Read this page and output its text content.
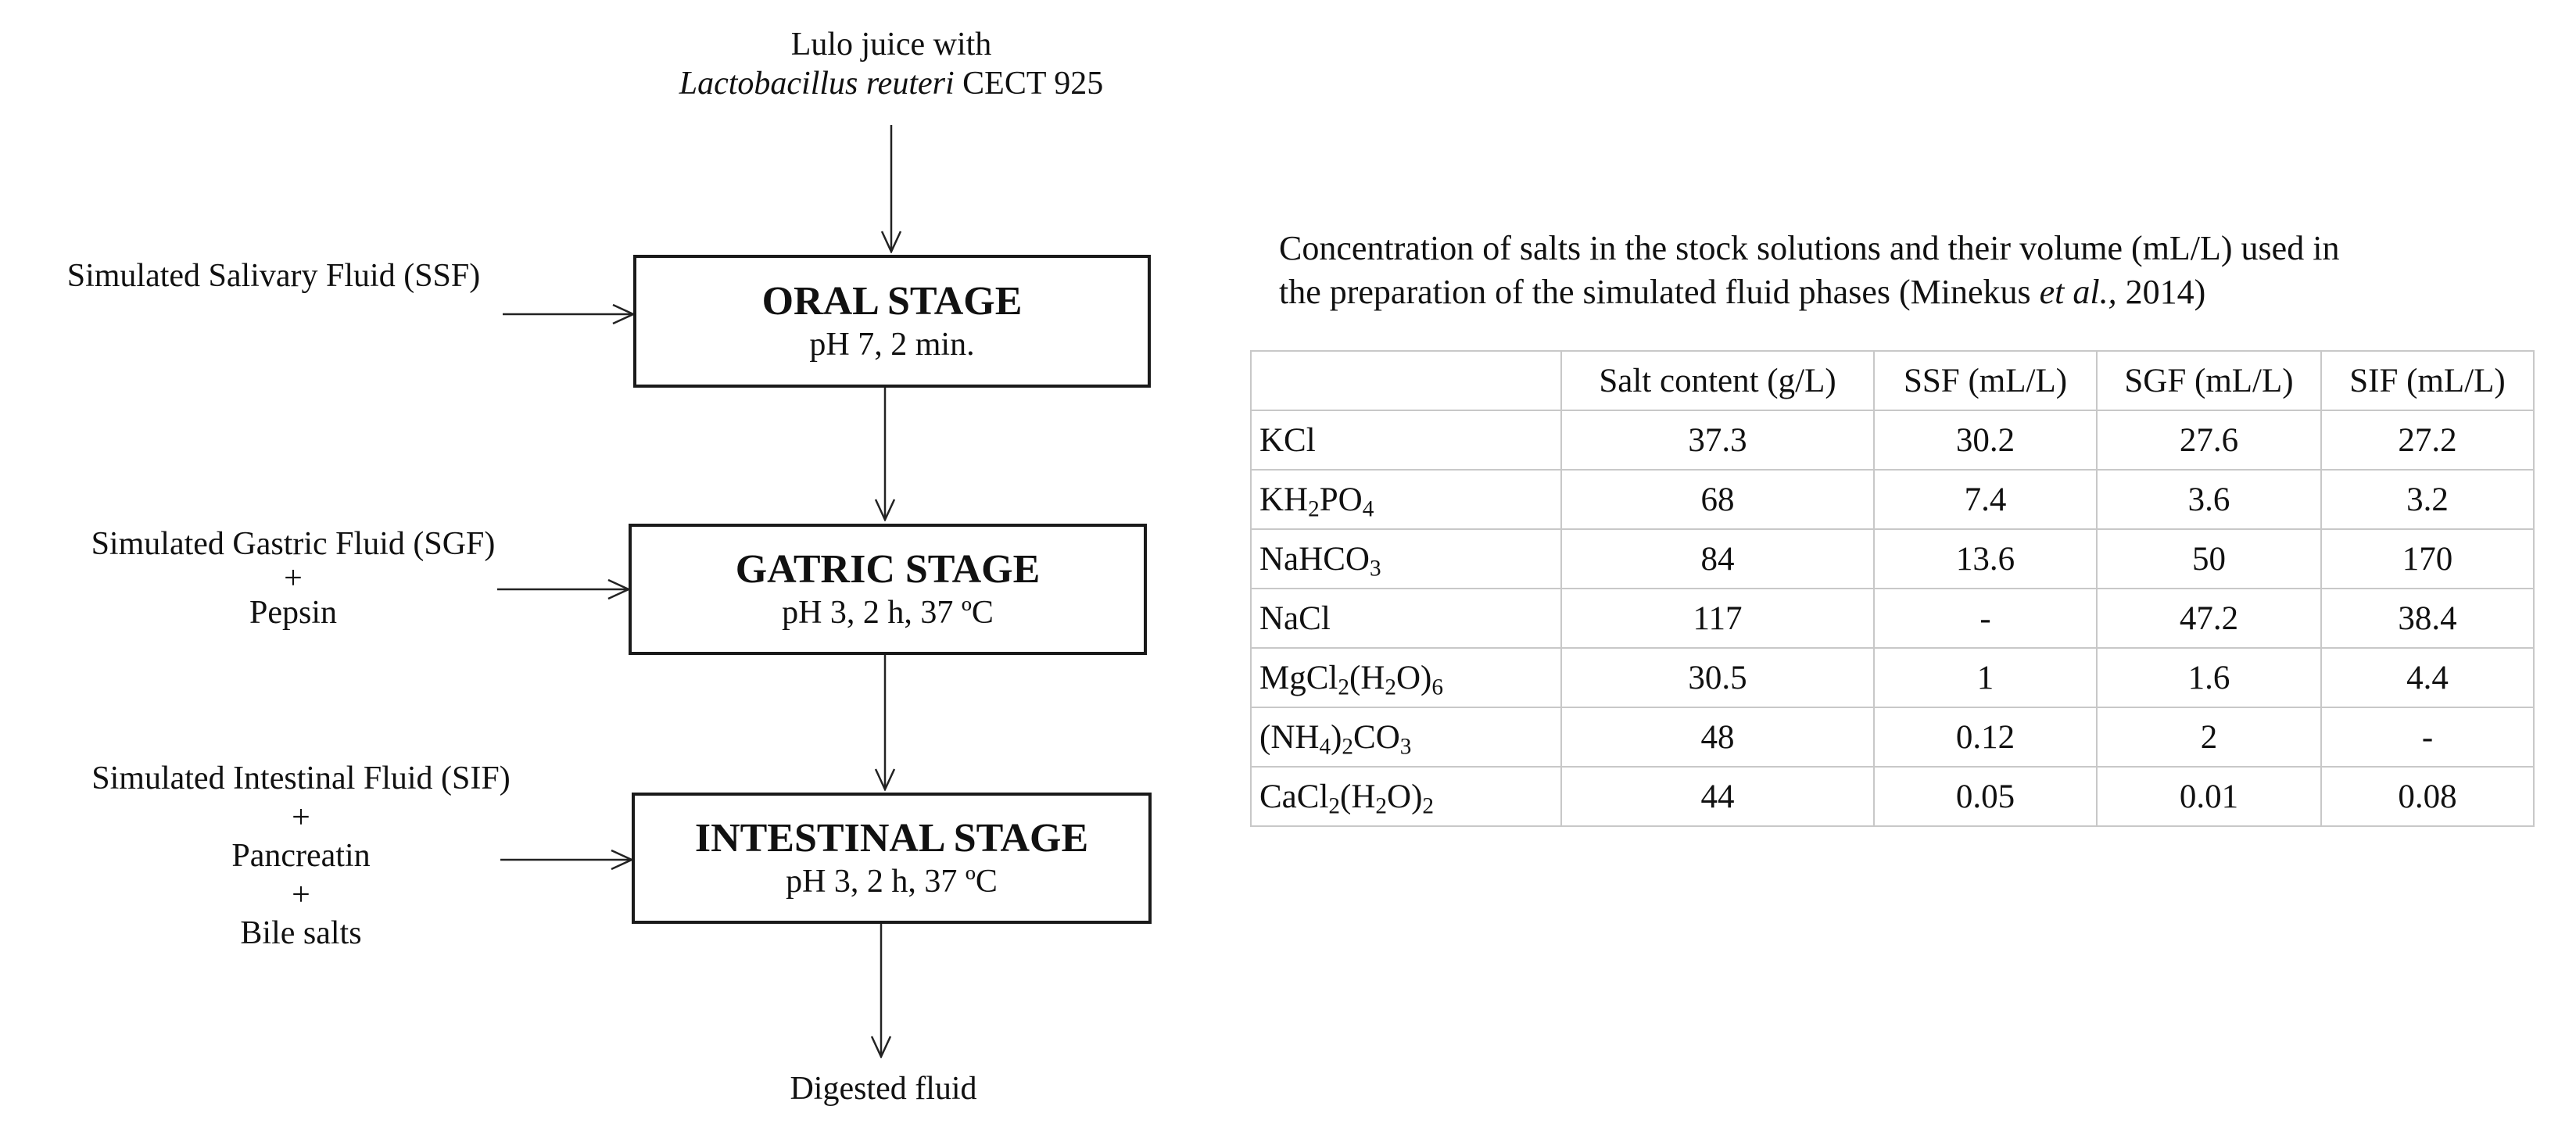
Lulo juice with
Lactobacillus reuteri CECT 925
ORAL STAGE
pH 7, 2 min.
GATRIC STAGE
pH 3, 2 h, 37 ºC
INTESTINAL STAGE
pH 3, 2 h, 37 ºC
Simulated Salivary Fluid (SSF)
Simulated Gastric Fluid (SGF)
+
Pepsin
Simulated Intestinal Fluid (SIF)
+
Pancreatin
+
Bile salts
Digested fluid
Concentration of salts in the stock solutions and their volume (mL/L) used in
the preparation of the simulated fluid phases (Minekus et al., 2014)
	Salt content (g/L)	SSF (mL/L)	SGF (mL/L)	SIF (mL/L)
KCl	37.3	30.2	27.6	27.2
$KH_2PO_4$	68	7.4	3.6	3.2
NaHCO$_3$	84	13.6	50	170
NaCl	117	-	47.2	38.4
$MgCl_2(H_2O)_6$	30.5	1	1.6	4.4
$(NH_4)_2CO_3$	48	0.12	2	-
$CaCl_2(H_2O)_2$	44	0.05	0.01	0.08
